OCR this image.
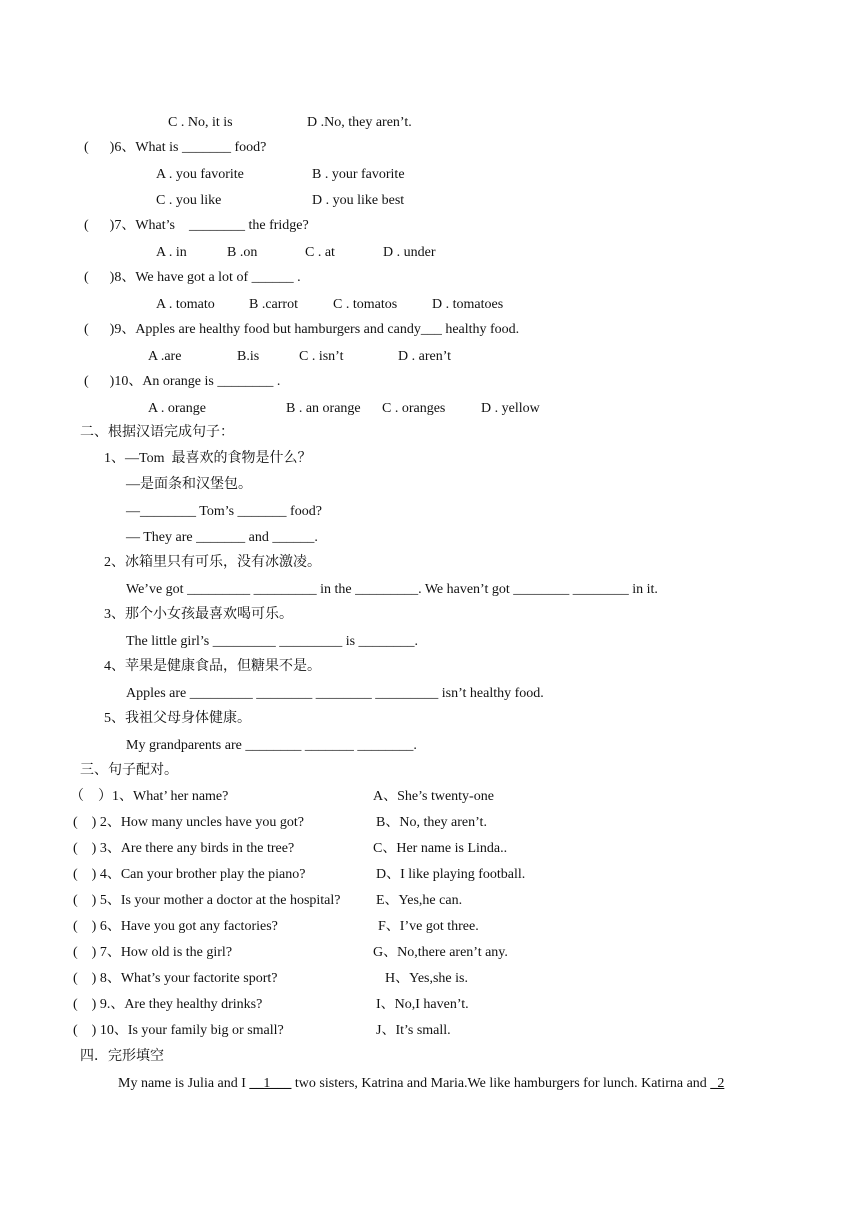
C . No, it is	D .No, they aren’t.
(      )6、What is _______ food?
A . you favorite	B . your favorite
C . you like	D . you like best
(      )7、What’s    ________ the fridge?
A . in	B .on	C . at	D . under
(      )8、We have got a lot of ______ .
A . tomato B .carrot	C . tomatos D . tomatoes
(      )9、Apples are healthy food but hamburgers and candy___ healthy food.
A .are	B.is	C . isn’t	D . aren’t
(      )10、An orange is ________ .
A . orange	B . an orange C . oranges	D . yellow
二、根据汉语完成句子：
1、—Tom  最喜欢的食物是什么？
—是面条和汉堡包。
—________ Tom’s _______ food?
— They are _______ and ______.
2、冰箱里只有可乐，没有冰激凌。
We’ve got _________ _________ in the _________. We haven’t got ________ ________ in it.
3、那个小女孩最喜欢喝可乐。
The little girl’s _________ _________ is ________.
4、苹果是健康食品，但糖果不是。
Apples are _________ ________ ________ _________ isn’t healthy food.
5、我祖父母身体健康。
My grandparents are ________ _______ ________.
三、句子配对。
（    ）1、What’ her name?	A、She’s twenty-one
(    ) 2、How many uncles have you got?	B、No, they aren’t.
(    ) 3、Are there any birds in the tree?	C、Her name is Linda..
(    ) 4、Can your brother play the piano?	D、I like playing football.
(    ) 5、Is your mother a doctor at the hospital?	E、Yes,he can.
(    ) 6、Have you got any factories?	F、I’ve got three.
(    ) 7、How old is the girl?	G、No,there aren’t any.
(    ) 8、What’s your factorite sport?	H、Yes,she is.
(    ) 9.、Are they healthy drinks?	I、No,I haven’t.
(    ) 10、Is your family big or small?	J、It’s small.
四．完形填空
My name is Julia and I __1___ two sisters, Katrina and Maria.We like hamburgers for lunch. Katirna and _2
